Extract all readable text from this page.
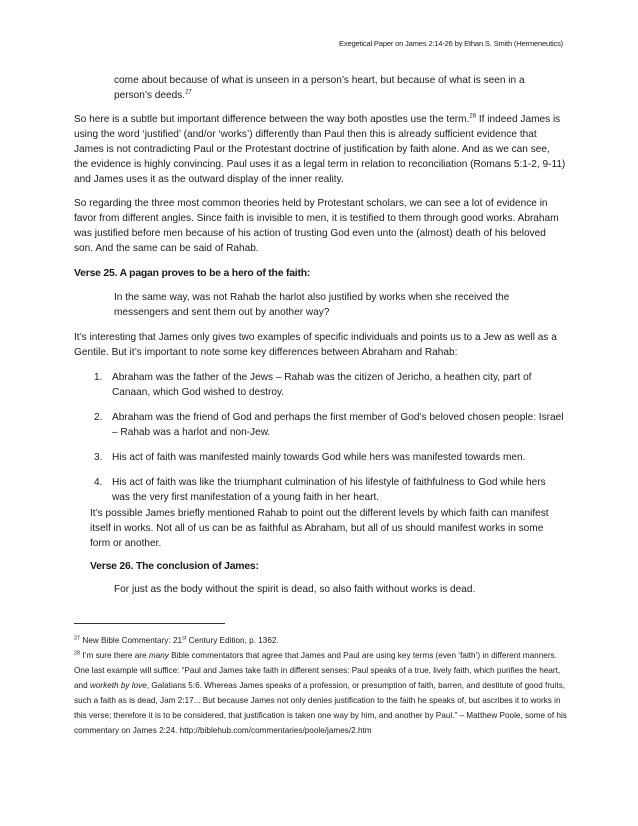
Exegetical Paper on James 2:14-26 by Ethan S. Smith (Hermeneutics)

come about because of what is unseen in a person’s heart, but because of what is seen in a person’s deeds.$^{27}$

So here is a subtle but important difference between the way both apostles use the term.$^{28}$ If indeed James is using the word ‘justified’ (and/or ‘works’) differently than Paul then this is already sufficient evidence that James is not contradicting Paul or the Protestant doctrine of justification by faith alone. And as we can see, the evidence is highly convincing. Paul uses it as a legal term in relation to reconciliation (Romans 5:1-2, 9-11) and James uses it as the outward display of the inner reality.

So regarding the three most common theories held by Protestant scholars, we can see a lot of evidence in favor from different angles. Since faith is invisible to men, it is testified to them through good works. Abraham was justified before men because of his action of trusting God even unto the (almost) death of his beloved son. And the same can be said of Rahab.

Verse 25. A pagan proves to be a hero of the faith:

In the same way, was not Rahab the harlot also justified by works when she received the messengers and sent them out by another way?

It’s interesting that James only gives two examples of specific individuals and points us to a Jew as well as a Gentile. But it’s important to note some key differences between Abraham and Rahab:

1. Abraham was the father of the Jews – Rahab was the citizen of Jericho, a heathen city, part of Canaan, which God wished to destroy.
2. Abraham was the friend of God and perhaps the first member of God’s beloved chosen people: Israel – Rahab was a harlot and non-Jew.
3. His act of faith was manifested mainly towards God while hers was manifested towards men.
4. His act of faith was like the triumphant culmination of his lifestyle of faithfulness to God while hers was the very first manifestation of a young faith in her heart.

It’s possible James briefly mentioned Rahab to point out the different levels by which faith can manifest itself in works. Not all of us can be as faithful as Abraham, but all of us should manifest works in some form or another.

Verse 26. The conclusion of James:

For just as the body without the spirit is dead, so also faith without works is dead.

$^{27}$ New Bible Commentary: 21st Century Edition, p. 1362.

$^{28}$ I’m sure there are many Bible commentators that agree that James and Paul are using key terms (even ‘faith’) in different manners. One last example will suffice: “Paul and James take faith in different senses: Paul speaks of a true, lively faith, which purifies the heart, and worketh by love, Galatians 5:6. Whereas James speaks of a profession, or presumption of faith, barren, and destitute of good fruits, such a faith as is dead, Jam 2:17... But because James not only denies justification to the faith he speaks of, but ascribes it to works in this verse; therefore it is to be considered, that justification is taken one way by him, and another by Paul.” – Matthew Poole, some of his commentary on James 2:24. http://biblehub.com/commentaries/poole/james/2.htm
